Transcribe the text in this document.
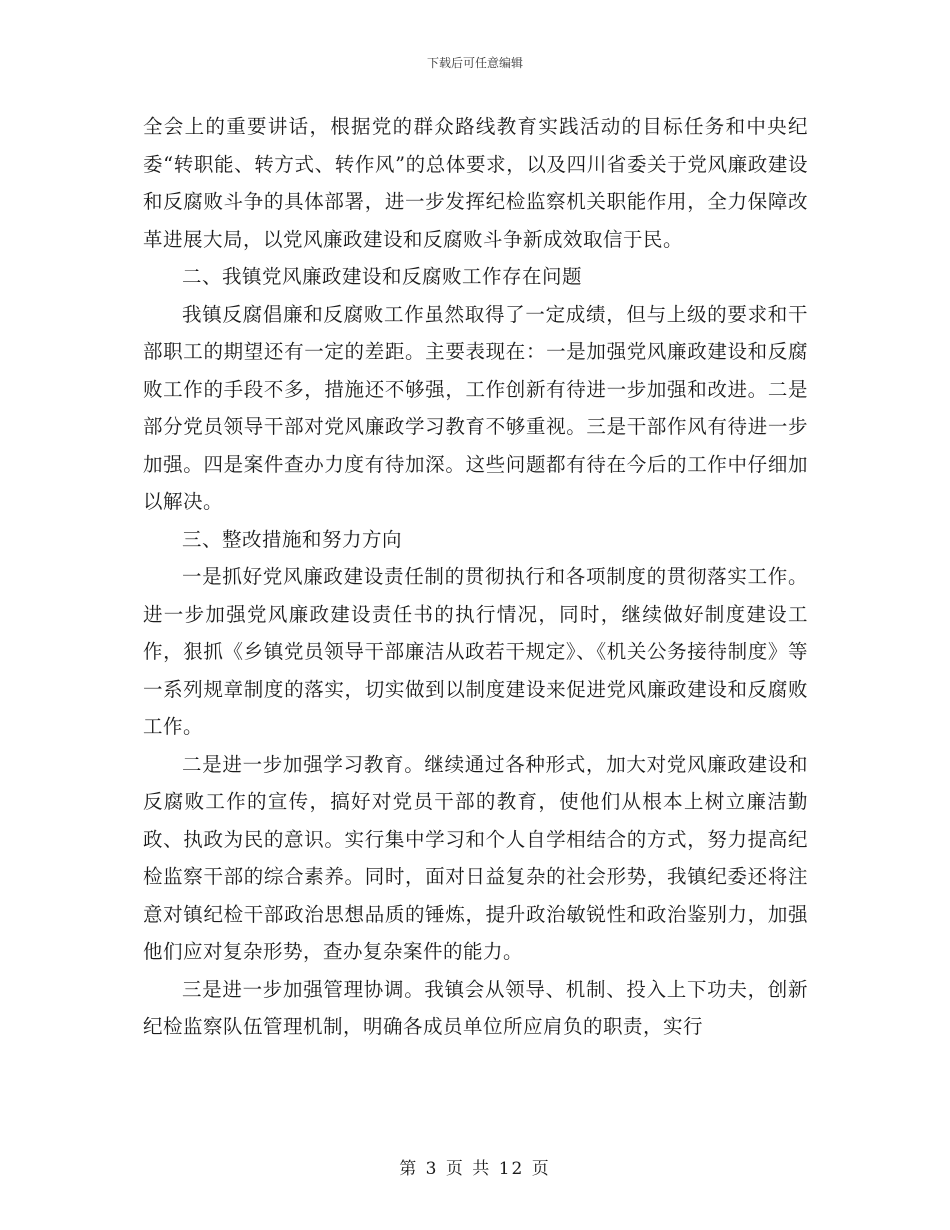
下载后可任意编辑

全会上的重要讲话，根据党的群众路线教育实践活动的目标任务和中央纪委“转职能、转方式、转作风”的总体要求，以及四川省委关于党风廉政建设和反腐败斗争的具体部署，进一步发挥纪检监察机关职能作用，全力保障改革进展大局，以党风廉政建设和反腐败斗争新成效取信于民。

二、我镇党风廉政建设和反腐败工作存在问题

我镇反腐倡廉和反腐败工作虽然取得了一定成绩，但与上级的要求和干部职工的期望还有一定的差距。主要表现在：一是加强党风廉政建设和反腐败工作的手段不多，措施还不够强，工作创新有待进一步加强和改进。二是部分党员领导干部对党风廉政学习教育不够重视。三是干部作风有待进一步加强。四是案件查办力度有待加深。这些问题都有待在今后的工作中仔细加以解决。

三、整改措施和努力方向

一是抓好党风廉政建设责任制的贯彻执行和各项制度的贯彻落实工作。进一步加强党风廉政建设责任书的执行情况，同时，继续做好制度建设工作，狠抓《乡镇党员领导干部廉洁从政若干规定》、《机关公务接待制度》等一系列规章制度的落实，切实做到以制度建设来促进党风廉政建设和反腐败工作。

二是进一步加强学习教育。继续通过各种形式，加大对党风廉政建设和反腐败工作的宣传，搞好对党员干部的教育，使他们从根本上树立廉洁勤政、执政为民的意识。实行集中学习和个人自学相结合的方式，努力提高纪检监察干部的综合素养。同时，面对日益复杂的社会形势，我镇纪委还将注意对镇纪检干部政治思想品质的锤炼，提升政治敏锐性和政治鉴别力，加强他们应对复杂形势，查办复杂案件的能力。

三是进一步加强管理协调。我镇会从领导、机制、投入上下功夫，创新纪检监察队伍管理机制，明确各成员单位所应肩负的职责，实行

第 3 页 共 12 页
